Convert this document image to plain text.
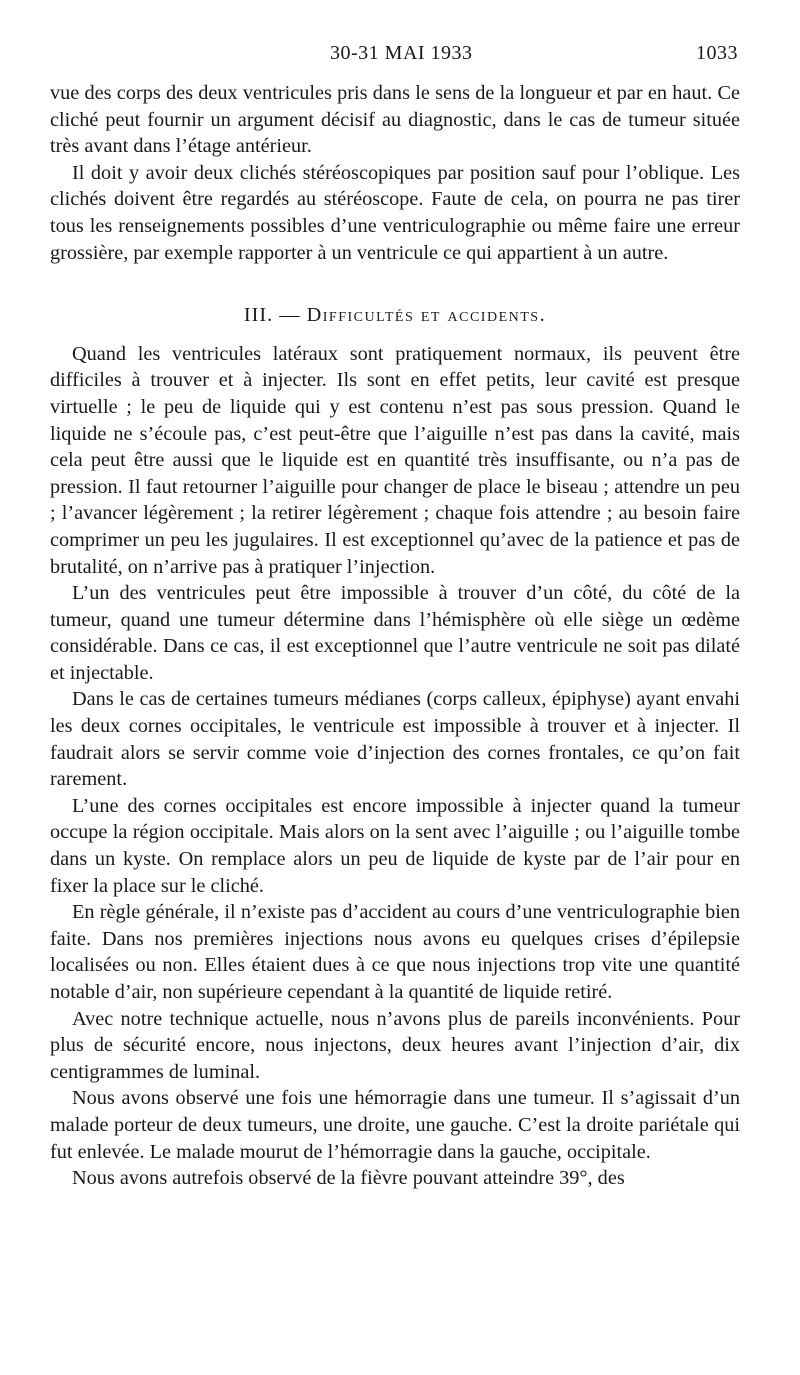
30-31 MAI 1933	1033

vue des corps des deux ventricules pris dans le sens de la longueur et par en haut. Ce cliché peut fournir un argument décisif au diagnostic, dans le cas de tumeur située très avant dans l’étage antérieur.

Il doit y avoir deux clichés stéréoscopiques par position sauf pour l’oblique. Les clichés doivent être regardés au stéréoscope. Faute de cela, on pourra ne pas tirer tous les renseignements possibles d’une ventriculographie ou même faire une erreur grossière, par exemple rapporter à un ventricule ce qui appartient à un autre.

III. — Difficultés et accidents.

Quand les ventricules latéraux sont pratiquement normaux, ils peuvent être difficiles à trouver et à injecter. Ils sont en effet petits, leur cavité est presque virtuelle ; le peu de liquide qui y est contenu n’est pas sous pression. Quand le liquide ne s’écoule pas, c’est peut-être que l’aiguille n’est pas dans la cavité, mais cela peut être aussi que le liquide est en quantité très insuffisante, ou n’a pas de pression. Il faut retourner l’aiguille pour changer de place le biseau ; attendre un peu ; l’avancer légèrement ; la retirer légèrement ; chaque fois attendre ; au besoin faire comprimer un peu les jugulaires. Il est exceptionnel qu’avec de la patience et pas de brutalité, on n’arrive pas à pratiquer l’injection.

L’un des ventricules peut être impossible à trouver d’un côté, du côté de la tumeur, quand une tumeur détermine dans l’hémisphère où elle siège un œdème considérable. Dans ce cas, il est exceptionnel que l’autre ventricule ne soit pas dilaté et injectable.

Dans le cas de certaines tumeurs médianes (corps calleux, épiphyse) ayant envahi les deux cornes occipitales, le ventricule est impossible à trouver et à injecter. Il faudrait alors se servir comme voie d’injection des cornes frontales, ce qu’on fait rarement.

L’une des cornes occipitales est encore impossible à injecter quand la tumeur occupe la région occipitale. Mais alors on la sent avec l’aiguille ; ou l’aiguille tombe dans un kyste. On remplace alors un peu de liquide de kyste par de l’air pour en fixer la place sur le cliché.

En règle générale, il n’existe pas d’accident au cours d’une ventriculographie bien faite. Dans nos premières injections nous avons eu quelques crises d’épilepsie localisées ou non. Elles étaient dues à ce que nous injections trop vite une quantité notable d’air, non supérieure cependant à la quantité de liquide retiré.

Avec notre technique actuelle, nous n’avons plus de pareils inconvénients. Pour plus de sécurité encore, nous injectons, deux heures avant l’injection d’air, dix centigrammes de luminal.

Nous avons observé une fois une hémorragie dans une tumeur. Il s’agissait d’un malade porteur de deux tumeurs, une droite, une gauche. C’est la droite pariétale qui fut enlevée. Le malade mourut de l’hémorragie dans la gauche, occipitale.

Nous avons autrefois observé de la fièvre pouvant atteindre 39°, des
